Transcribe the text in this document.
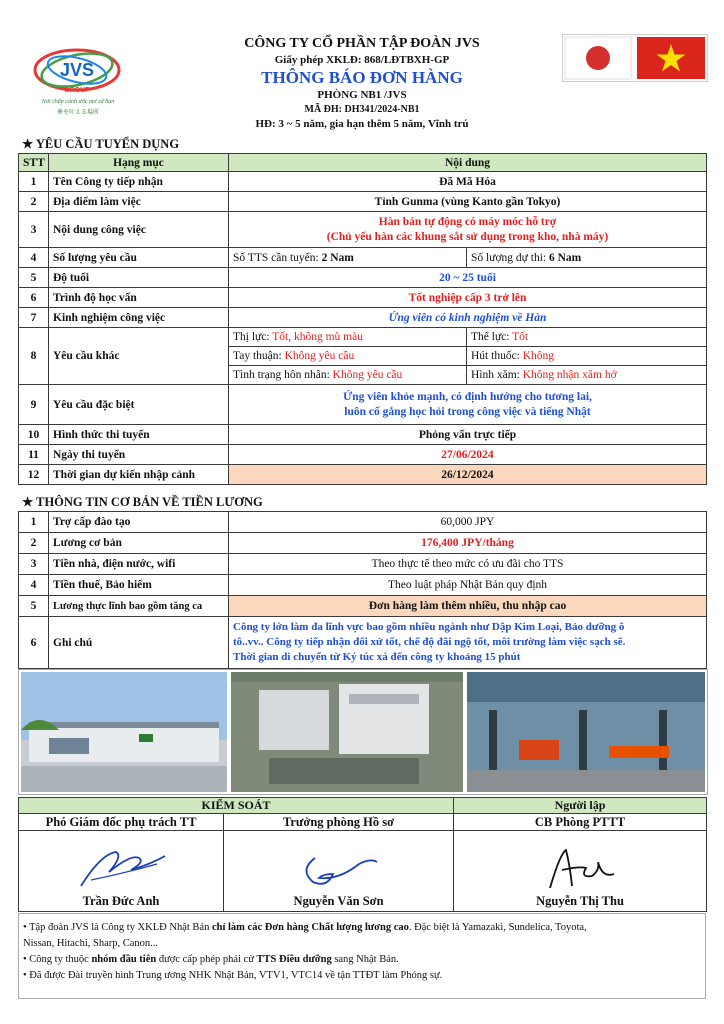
JVS
GROUP
Nơi chắp cánh ước mơ sứ bạn
夢を叶える場所
CÔNG TY CỔ PHẦN TẬP ĐOÀN JVS
Giấy phép XKLĐ: 868/LĐTBXH-GP
THÔNG BÁO ĐƠN HÀNG
PHÒNG NB1 /JVS
MÃ ĐH: DH341/2024-NB1
HĐ: 3 ~ 5 năm, gia hạn thêm 5 năm, Vĩnh trú
★ YÊU CẦU TUYỂN DỤNG
STT	Hạng mục	Nội dung	
1	Tên Công ty tiếp nhận	Đã Mã Hóa	
2	Địa điểm làm việc	Tỉnh Gunma (vùng Kanto gần Tokyo)	
3	Nội dung công việc	Hàn bán tự động có máy móc hỗ trợ
(Chủ yếu hàn các khung sắt sử dụng trong kho, nhà máy)	

4	Số lượng yêu cầu	Số TTS cần tuyển: 2 Nam	Số lượng dự thi: 6 Nam
5	Độ tuổi	20 ~ 25 tuổi	
6	Trình độ học vấn	Tốt nghiệp cấp 3 trở lên	
7	Kinh nghiệm công việc	Ứng viên có kinh nghiệm về Hàn	
8	Yêu cầu khác	Thị lực: Tốt, không mù màu	Thể lực: Tốt
		Tay thuận: Không yêu cầu	Hút thuốc: Không
		Tình trạng hôn nhân: Không yêu cầu	Hình xăm: Không nhận xăm hở
9	Yêu cầu đặc biệt	Ứng viên khỏe mạnh, có định hướng cho tương lai,
luôn cố gắng học hỏi trong công việc và tiếng Nhật	

10	Hình thức thi tuyển	Phỏng vấn trực tiếp	
11	Ngày thi tuyển	27/06/2024	
12	Thời gian dự kiến nhập cảnh	26/12/2024	
★ THÔNG TIN CƠ BẢN VỀ TIỀN LƯƠNG
1	Trợ cấp đào tạo	60,000 JPY
2	Lương cơ bản	176,400 JPY/tháng
3	Tiền nhà, điện nước, wifi	Theo thực tế theo mức có ưu đãi cho TTS
4	Tiền thuế, Bảo hiểm	Theo luật pháp Nhật Bản quy định
5	Lương thực lĩnh bao gồm tăng ca	Đơn hàng làm thêm nhiều, thu nhập cao
6	Ghi chú	Công ty lớn làm đa lĩnh vực bao gồm nhiều ngành như Dập Kim Loại, Bảo dưỡng ô
tô..vv.. Công ty tiếp nhận đối xử tốt, chế độ đãi ngộ tốt, môi trường làm việc sạch sẽ.
Thời gian di chuyển từ Ký túc xá đến công ty khoảng 15 phút
KIỂM SOÁT		Người lập
Phó Giám đốc phụ trách TT	Trưởng phòng Hồ sơ	CB Phòng PTTT

Trần Đức Anh	Nguyễn Văn Sơn	Nguyễn Thị Thu
• Tập đoàn JVS là Công ty XKLĐ Nhật Bản chỉ làm các Đơn hàng Chất lượng lương cao. Đặc biệt là Yamazaki, Sundelica, Toyota,
Nissan, Hitachi, Sharp, Canon...
• Công ty thuộc nhóm đầu tiên được cấp phép phái cử TTS Điều dưỡng sang Nhật Bản.
• Đã được Đài truyền hình Trung ương NHK Nhật Bản, VTV1, VTC14 về tận TTĐT làm Phóng sự.
